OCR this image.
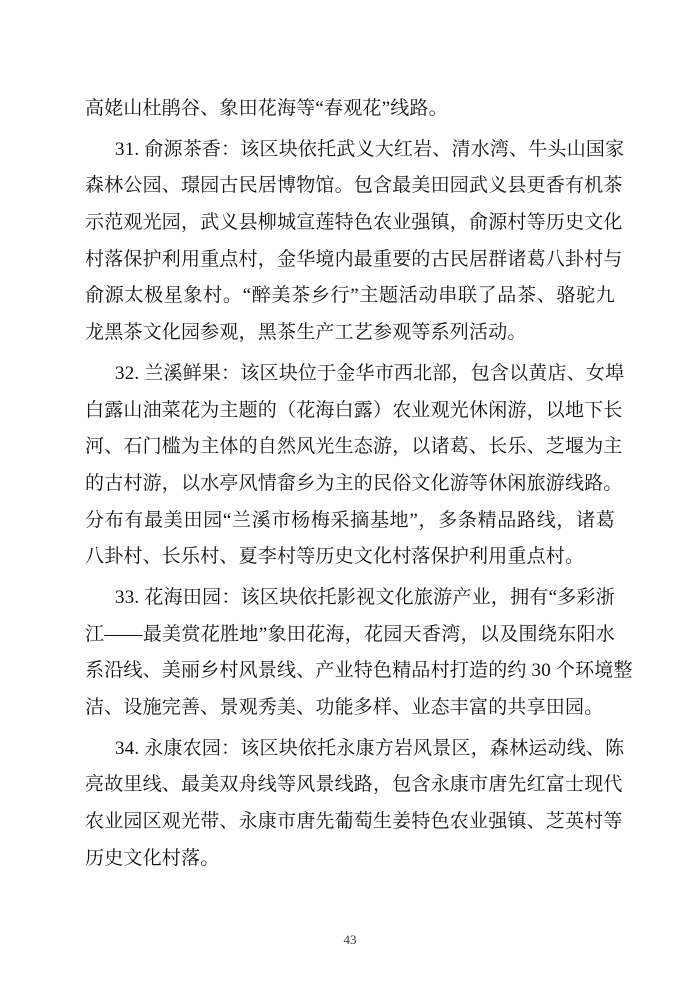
高姥山杜鹃谷、象田花海等“春观花”线路。
31. 俞源茶香：该区块依托武义大红岩、清水湾、牛头山国家
森林公园、璟园古民居博物馆。包含最美田园武义县更香有机茶
示范观光园，武义县柳城宣莲特色农业强镇，俞源村等历史文化
村落保护利用重点村，金华境内最重要的古民居群诸葛八卦村与
俞源太极星象村。“醉美茶乡行”主题活动串联了品茶、骆驼九
龙黑茶文化园参观，黑茶生产工艺参观等系列活动。
32. 兰溪鲜果：该区块位于金华市西北部，包含以黄店、女埠
白露山油菜花为主题的（花海白露）农业观光休闲游，以地下长
河、石门槛为主体的自然风光生态游，以诸葛、长乐、芝堰为主
的古村游，以水亭风情畲乡为主的民俗文化游等休闲旅游线路。
分布有最美田园“兰溪市杨梅采摘基地”，多条精品路线，诸葛
八卦村、长乐村、夏李村等历史文化村落保护利用重点村。
33. 花海田园：该区块依托影视文化旅游产业，拥有“多彩浙
江——最美赏花胜地”象田花海，花园天香湾，以及围绕东阳水
系沿线、美丽乡村风景线、产业特色精品村打造的约 30 个环境整
洁、设施完善、景观秀美、功能多样、业态丰富的共享田园。
34. 永康农园：该区块依托永康方岩风景区，森林运动线、陈
亮故里线、最美双舟线等风景线路，包含永康市唐先红富士现代
农业园区观光带、永康市唐先葡萄生姜特色农业强镇、芝英村等
历史文化村落。
43
